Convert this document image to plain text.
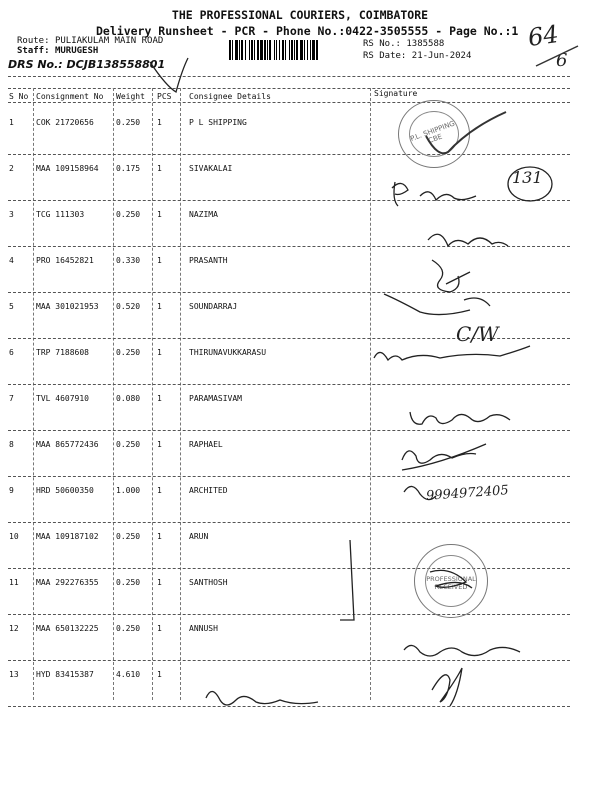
THE PROFESSIONAL COURIERS, COIMBATORE
Delivery Runsheet - PCR - Phone No.:0422-3505555 - Page No.:1
Route: PULIAKULAM MAIN ROAD
Staff: MURUGESH
DRS No.: DCJB138558801
RS No.: 1385588
RS Date: 21-Jun-2024
64
6
S No Consignment No Weight PCS Consignee Details	Signature
1	COK 21720656	0.250 1	P L SHIPPING
2	MAA 109158964 0.175 1	SIVAKALAI
3	TCG 111303	0.250 1	NAZIMA
4	PRO 16452821	0.330 1	PRASANTH
5	MAA 301021953 0.520 1	SOUNDARRAJ
6	TRP 7188608	0.250 1	THIRUNAVUKKARASU
7	TVL 4607910	0.080 1	PARAMASIVAM
8	MAA 865772436 0.250 1	RAPHAEL
9	HRD 50600350	1.000 1	ARCHITED
10 MAA 109187102 0.250 1	ARUN
11 MAA 292276355 0.250 1	SANTHOSH
12 MAA 650132225 0.250 1	ANNUSH
13 HYD 83415387	4.610 1
P.L. SHIPPING CBE
PROFESSIONAL RECEIVED
131
C/W
9994972405
